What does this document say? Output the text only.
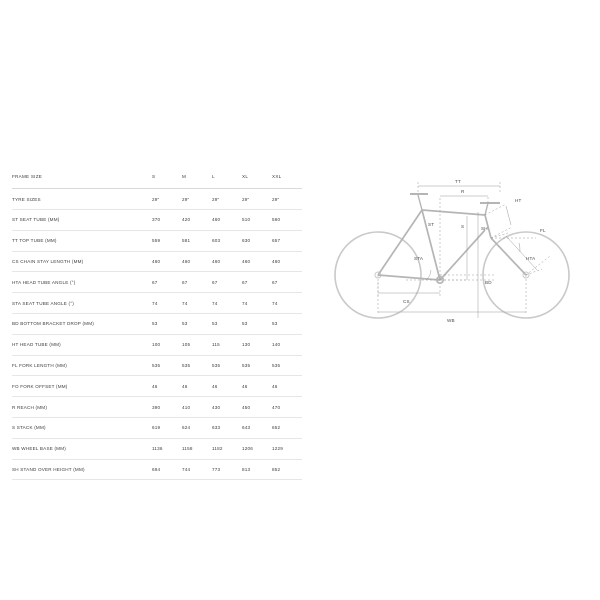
FRAME SIZE	S	M	L	XL	XXL
TYRE SIZES	29"	29"	29"	29"	29"
ST SEAT TUBE (MM)	370	420	460	510	560
TT TOP TUBE (MM)	559	581	603	630	657
CS CHAIN STAY LENGTH (MM)	460	460	460	460	460
HTA HEAD TUBE ANGLE (°)	67	67	67	67	67
STA SEAT TUBE ANGLE (°)	74	74	74	74	74
BD BOTTOM BRACKET DROP (MM)	53	53	53	53	53
HT HEAD TUBE (MM)	100	105	115	130	140
FL FORK LENGTH (MM)	535	535	535	535	535
FO FORK OFFSET (MM)	46	46	46	46	46
R REACH (MM)	390	410	430	450	470
S STACK (MM)	619	624	633	643	652
WB WHEEL BASE (MM)	1136	1158	1182	1206	1229
SH STAND OVER HEIGHT (MM)	694	744	773	813	852
TT
R
HT
ST	S	SH	FL
STA	HTA
BD
CS
WB
